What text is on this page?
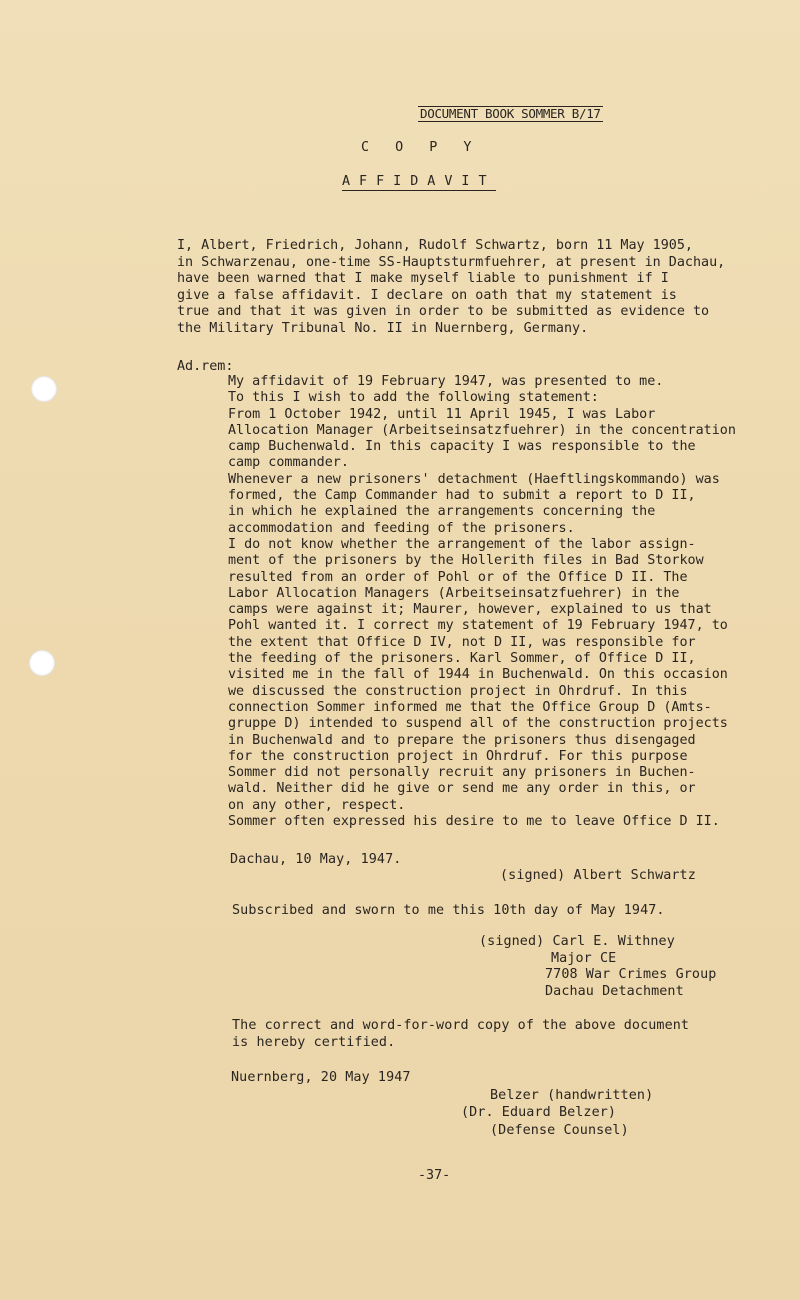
DOCUMENT BOOK SOMMER B/17
C O P Y
AFFIDAVIT
I, Albert, Friedrich, Johann, Rudolf Schwartz, born 11 May 1905,
in Schwarzenau, one-time SS-Hauptsturmfuehrer, at present in Dachau,
have been warned that I make myself liable to punishment if I
give a false affidavit. I declare on oath that my statement is
true and that it was given in order to be submitted as evidence to
the Military Tribunal No. II in Nuernberg, Germany.
Ad.rem:
My affidavit of 19 February 1947, was presented to me.
To this I wish to add the following statement:
From 1 October 1942, until 11 April 1945, I was Labor
Allocation Manager (Arbeitseinsatzfuehrer) in the concentration
camp Buchenwald. In this capacity I was responsible to the
camp commander.
Whenever a new prisoners' detachment (Haeftlingskommando) was
formed, the Camp Commander had to submit a report to D II,
in which he explained the arrangements concerning the
accommodation and feeding of the prisoners.
I do not know whether the arrangement of the labor assign-
ment of the prisoners by the Hollerith files in Bad Storkow
resulted from an order of Pohl or of the Office D II. The
Labor Allocation Managers (Arbeitseinsatzfuehrer) in the
camps were against it; Maurer, however, explained to us that
Pohl wanted it. I correct my statement of 19 February 1947, to
the extent that Office D IV, not D II, was responsible for
the feeding of the prisoners. Karl Sommer, of Office D II,
visited me in the fall of 1944 in Buchenwald. On this occasion
we discussed the construction project in Ohrdruf. In this
connection Sommer informed me that the Office Group D (Amts-
gruppe D) intended to suspend all of the construction projects
in Buchenwald and to prepare the prisoners thus disengaged
for the construction project in Ohrdruf. For this purpose
Sommer did not personally recruit any prisoners in Buchen-
wald. Neither did he give or send me any order in this, or
on any other, respect.
Sommer often expressed his desire to me to leave Office D II.
Dachau, 10 May, 1947.
(signed) Albert Schwartz
Subscribed and sworn to me this 10th day of May 1947.
(signed) Carl E. Withney
Major CE
7708 War Crimes Group
Dachau Detachment
The correct and word-for-word copy of the above document
is hereby certified.
Nuernberg, 20 May 1947
Belzer (handwritten)
(Dr. Eduard Belzer)
(Defense Counsel)
-37-
